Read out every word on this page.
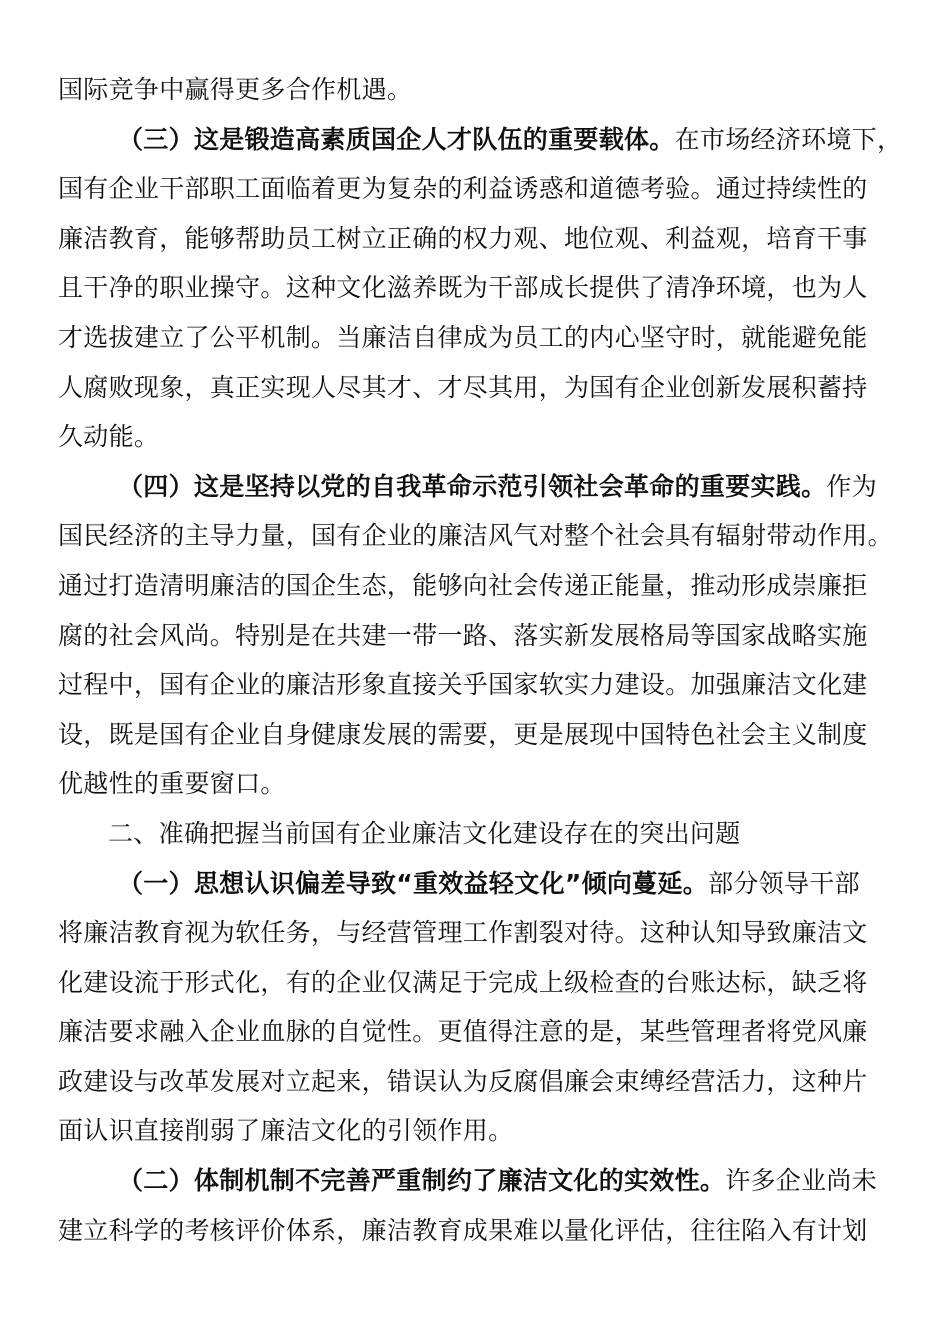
国际竞争中赢得更多合作机遇。
（三）这是锻造高素质国企人才队伍的重要载体。在市场经济环境下，
国有企业干部职工面临着更为复杂的利益诱惑和道德考验。通过持续性的
廉洁教育，能够帮助员工树立正确的权力观、地位观、利益观，培育干事
且干净的职业操守。这种文化滋养既为干部成长提供了清净环境，也为人
才选拔建立了公平机制。当廉洁自律成为员工的内心坚守时，就能避免能
人腐败现象，真正实现人尽其才、才尽其用，为国有企业创新发展积蓄持
久动能。
（四）这是坚持以党的自我革命示范引领社会革命的重要实践。作为
国民经济的主导力量，国有企业的廉洁风气对整个社会具有辐射带动作用。
通过打造清明廉洁的国企生态，能够向社会传递正能量，推动形成崇廉拒
腐的社会风尚。特别是在共建一带一路、落实新发展格局等国家战略实施
过程中，国有企业的廉洁形象直接关乎国家软实力建设。加强廉洁文化建
设，既是国有企业自身健康发展的需要，更是展现中国特色社会主义制度
优越性的重要窗口。
二、准确把握当前国有企业廉洁文化建设存在的突出问题
（一）思想认识偏差导致“重效益轻文化”倾向蔓延。部分领导干部
将廉洁教育视为软任务，与经营管理工作割裂对待。这种认知导致廉洁文
化建设流于形式化，有的企业仅满足于完成上级检查的台账达标，缺乏将
廉洁要求融入企业血脉的自觉性。更值得注意的是，某些管理者将党风廉
政建设与改革发展对立起来，错误认为反腐倡廉会束缚经营活力，这种片
面认识直接削弱了廉洁文化的引领作用。
（二）体制机制不完善严重制约了廉洁文化的实效性。许多企业尚未
建立科学的考核评价体系，廉洁教育成果难以量化评估，往往陷入有计划
